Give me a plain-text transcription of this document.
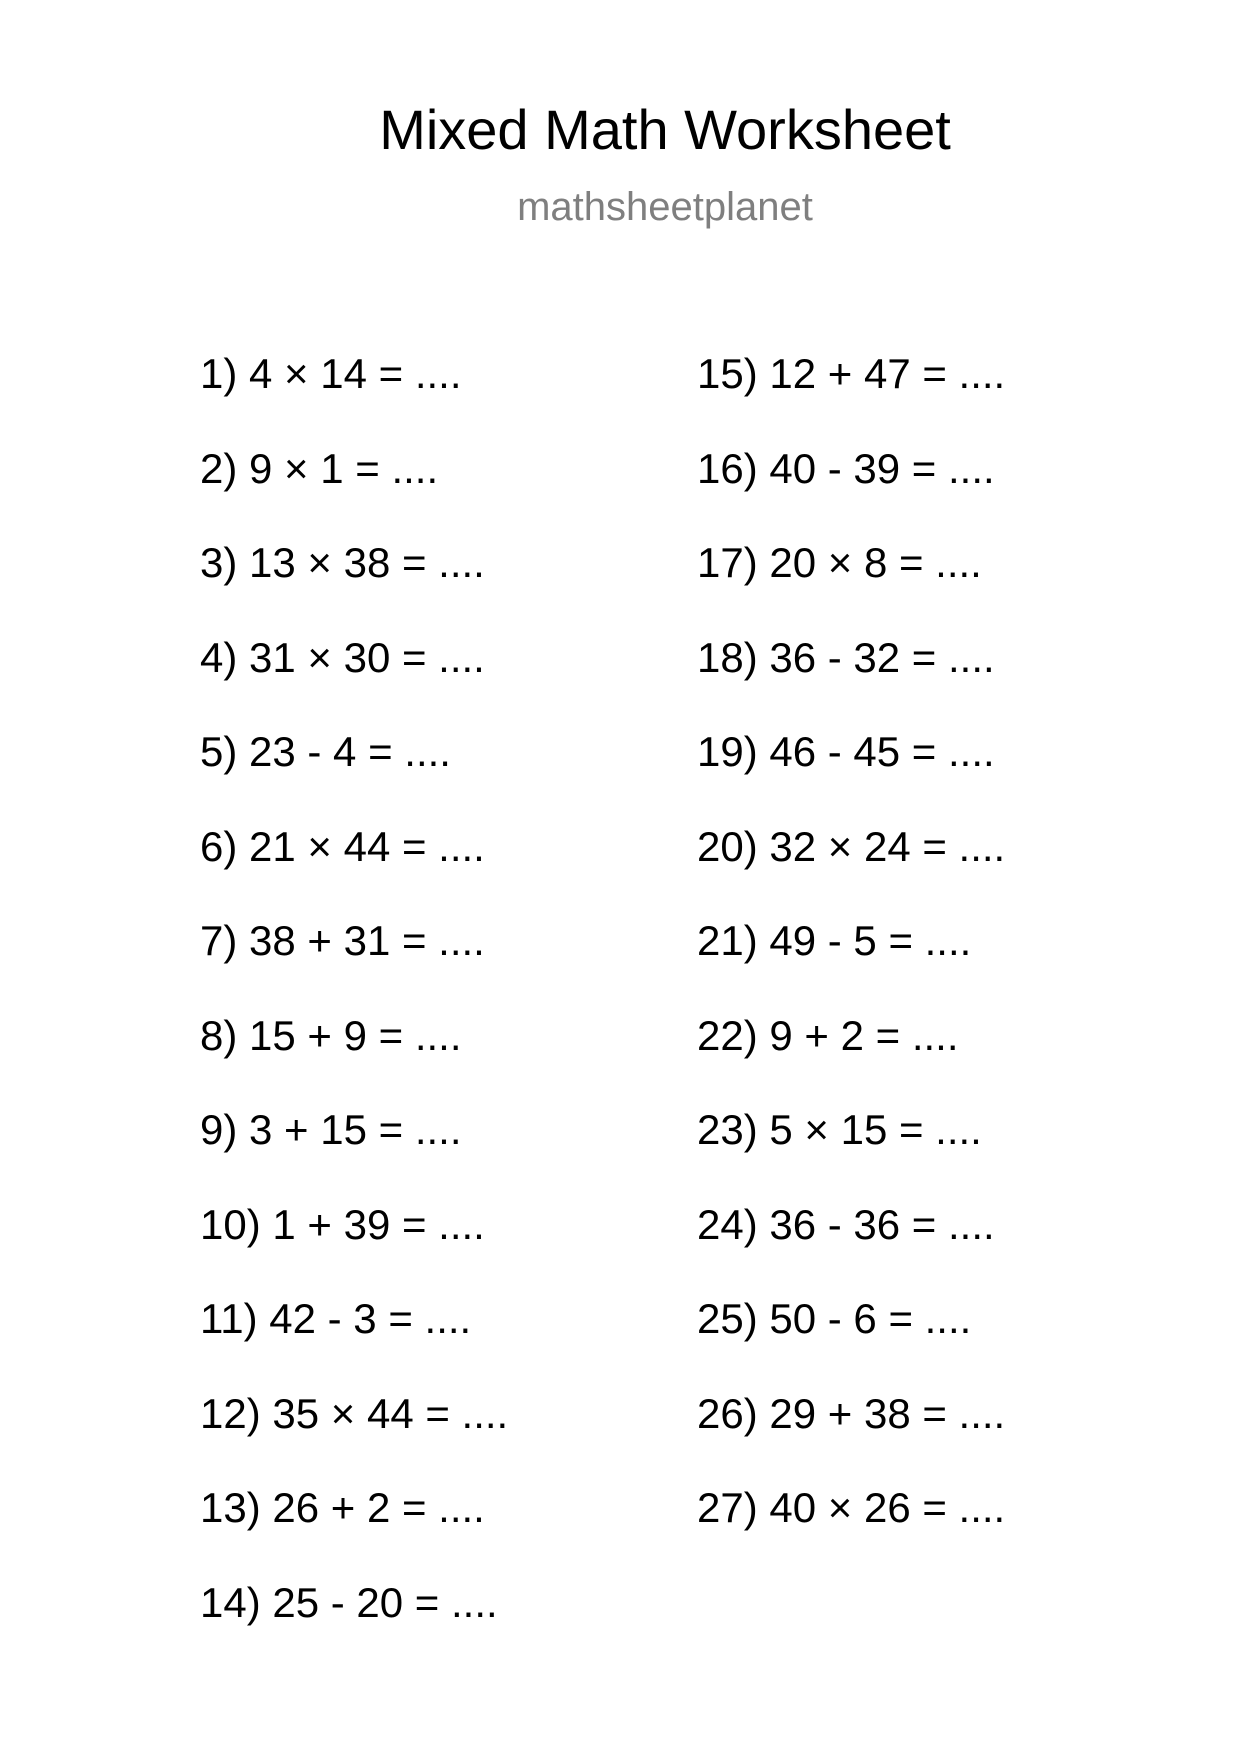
Mixed Math Worksheet
mathsheetplanet
1) 4 × 14 = ....
2) 9 × 1 = ....
3) 13 × 38 = ....
4) 31 × 30 = ....
5) 23 - 4 = ....
6) 21 × 44 = ....
7) 38 + 31 = ....
8) 15 + 9 = ....
9) 3 + 15 = ....
10) 1 + 39 = ....
11) 42 - 3 = ....
12) 35 × 44 = ....
13) 26 + 2 = ....
14) 25 - 20 = ....
15) 12 + 47 = ....
16) 40 - 39 = ....
17) 20 × 8 = ....
18) 36 - 32 = ....
19) 46 - 45 = ....
20) 32 × 24 = ....
21) 49 - 5 = ....
22) 9 + 2 = ....
23) 5 × 15 = ....
24) 36 - 36 = ....
25) 50 - 6 = ....
26) 29 + 38 = ....
27) 40 × 26 = ....
